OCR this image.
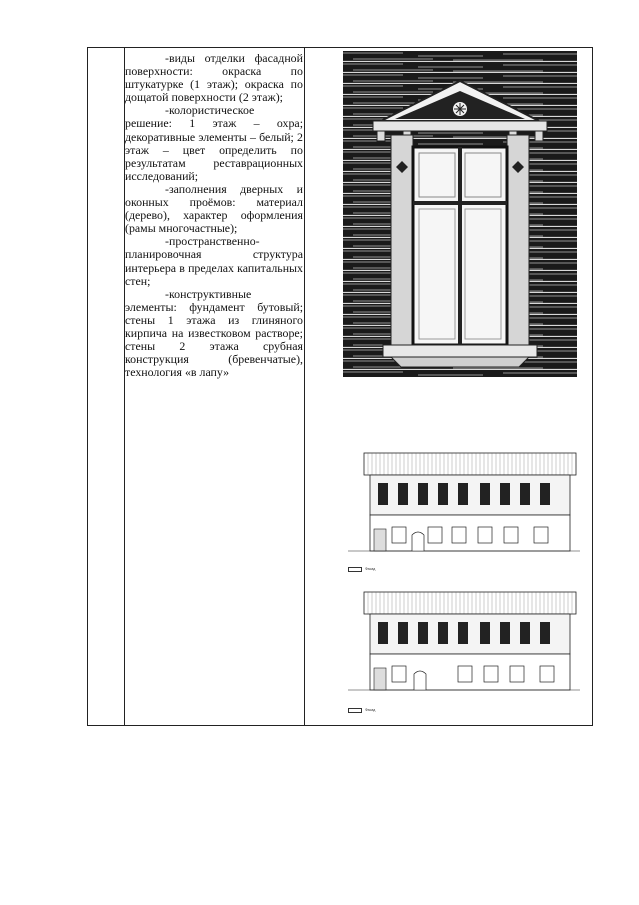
-виды отделки фасадной поверхности: окраска по штукатурке (1 этаж); окраска по дощатой поверхности (2 этаж);

-колористическое решение: 1 этаж – охра; декоративные элементы – белый; 2 этаж – цвет определить по результатам реставрационных исследований;

-заполнения дверных и оконных проёмов: материал (дерево), характер оформления (рамы многочастные);

-пространственно-планировочная структура интерьера в пределах капитальных стен;

-конструктивные элементы: фундамент бутовый; стены 1 этажа из глиняного кирпича на известковом растворе; стены 2 этажа срубная конструкция (бревенчатые), технология «в лапу»

Фасад
Фасад
